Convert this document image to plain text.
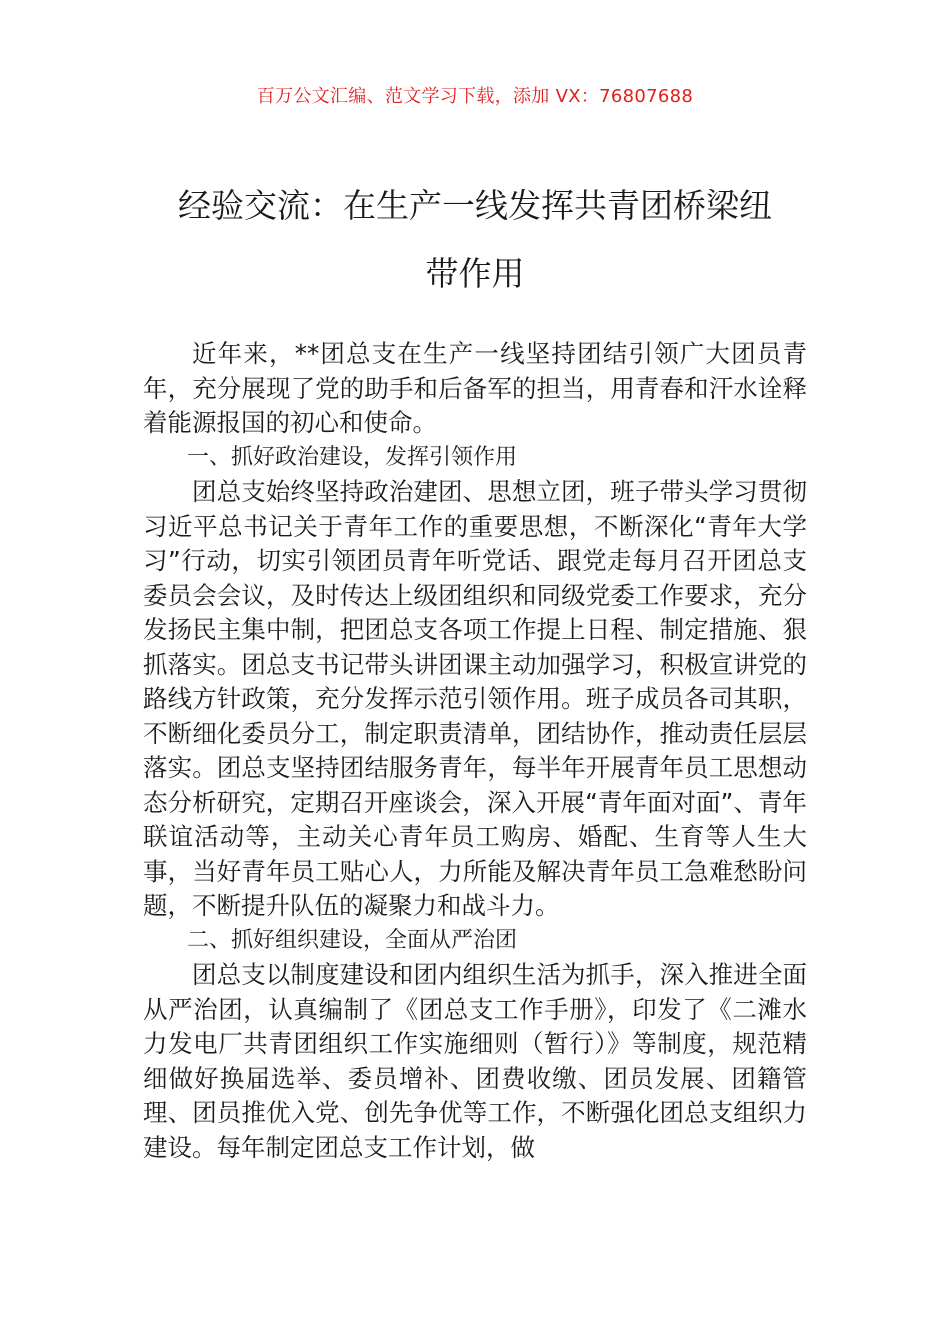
百万公文汇编、范文学习下载，添加 VX：76807688
经验交流：在生产一线发挥共青团桥梁纽
带作用

近年来，**团总支在生产一线坚持团结引领广大团员青年，充分展现了党的助手和后备军的担当，用青春和汗水诠释着能源报国的初心和使命。

一、抓好政治建设，发挥引领作用

团总支始终坚持政治建团、思想立团，班子带头学习贯彻习近平总书记关于青年工作的重要思想，不断深化“青年大学习”行动，切实引领团员青年听党话、跟党走每月召开团总支委员会会议，及时传达上级团组织和同级党委工作要求，充分发扬民主集中制，把团总支各项工作提上日程、制定措施、狠抓落实。团总支书记带头讲团课主动加强学习，积极宣讲党的路线方针政策，充分发挥示范引领作用。班子成员各司其职，不断细化委员分工，制定职责清单，团结协作，推动责任层层落实。团总支坚持团结服务青年，每半年开展青年员工思想动态分析研究，定期召开座谈会，深入开展“青年面对面”、青年联谊活动等，主动关心青年员工购房、婚配、生育等人生大事，当好青年员工贴心人，力所能及解决青年员工急难愁盼问题，不断提升队伍的凝聚力和战斗力。

二、抓好组织建设，全面从严治团

团总支以制度建设和团内组织生活为抓手，深入推进全面从严治团，认真编制了《团总支工作手册》，印发了《二滩水力发电厂共青团组织工作实施细则（暂行）》等制度，规范精细做好换届选举、委员增补、团费收缴、团员发展、团籍管理、团员推优入党、创先争优等工作，不断强化团总支组织力建设。每年制定团总支工作计划，做
